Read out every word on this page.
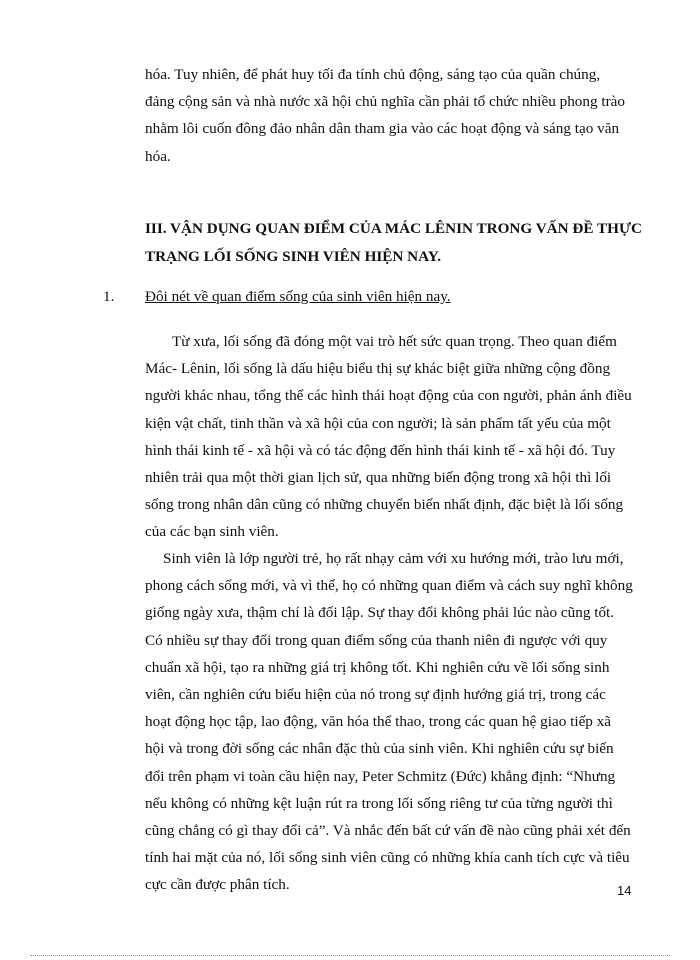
hóa. Tuy nhiên, để phát huy tối đa tính chủ động, sáng tạo của quần chúng,
đảng cộng sản và nhà nước xã hội chủ nghĩa cần phải tổ chức nhiều phong trào
nhằm lôi cuốn đông đảo nhân dân tham gia vào các hoạt động và sáng tạo văn
hóa.

III. VẬN DỤNG QUAN ĐIỂM CỦA MÁC LÊNIN TRONG VẤN ĐỀ THỰC
TRẠNG LỐI SỐNG SINH VIÊN HIỆN NAY.
1. Đôi nét về quan điểm sống của sinh viên hiện nay.

Từ xưa, lối sống đã đóng một vai trò hết sức quan trọng. Theo quan điểm
Mác- Lênin, lối sống là dấu hiệu biểu thị sự khác biệt giữa những cộng đồng
người khác nhau, tổng thể các hình thái hoạt động của con người, phản ánh điều
kiện vật chất, tinh thần và xã hội của con người; là sản phẩm tất yếu của một
hình thái kinh tế - xã hội và có tác động đến hình thái kinh tế - xã hội đó. Tuy
nhiên trải qua một thời gian lịch sử, qua những biến động trong xã hội thì lối
sống trong nhân dân cũng có những chuyển biến nhất định, đặc biệt là lối sống
của các bạn sinh viên.

Sinh viên là lớp người trẻ, họ rất nhạy cảm với xu hướng mới, trào lưu mới,
phong cách sống mới, và vì thế, họ có những quan điểm và cách suy nghĩ không
giống ngày xưa, thậm chí là đối lập. Sự thay đổi không phải lúc nào cũng tốt.
Có nhiều sự thay đổi trong quan điểm sống của thanh niên đi ngược với quy
chuẩn xã hội, tạo ra những giá trị không tốt. Khi nghiên cứu về lối sống sinh
viên, cần nghiên cứu biểu hiện của nó trong sự định hướng giá trị, trong các
hoạt động học tập, lao động, văn hóa thể thao, trong các quan hệ giao tiếp xã
hội và trong đời sống các nhân đặc thù của sinh viên. Khi nghiên cứu sự biến
đổi trên phạm vi toàn cầu hiện nay, Peter Schmitz (Đức) khẳng định: “Nhưng
nếu không có những kệt luận rút ra trong lối sống riêng tư của từng người thì
cũng chẳng có gì thay đổi cả”. Và nhắc đến bất cứ vấn đề nào cũng phải xét đến
tính hai mặt của nó, lối sống sinh viên cũng có những khía canh tích cực và tiêu
cực cần được phân tích.	14
